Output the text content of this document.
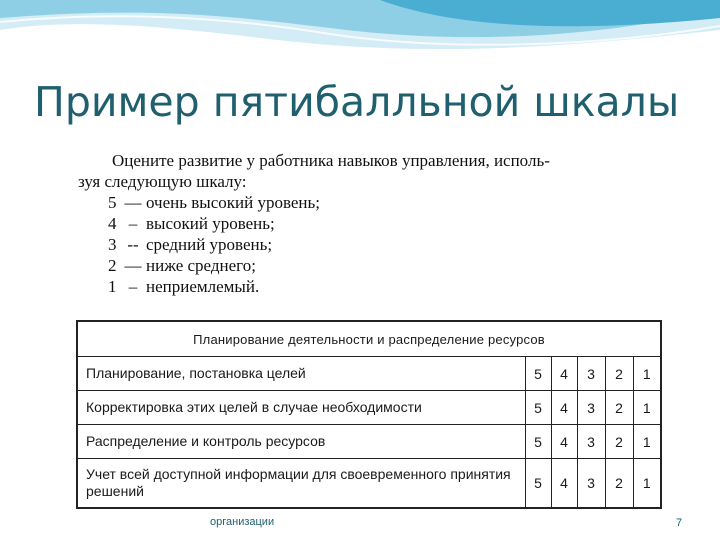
Пример пятибалльной шкалы
Оцените развитие у работника навыков управления, исполь-
зуя следующую шкалу:
5 — очень высокий уровень;
4 – высокий уровень;
3 -- средний уровень;
2 — ниже среднего;
1 – неприемлемый.
Планирование деятельности и распределение ресурсов					
Планирование, постановка целей	5	4	3	2	1
Корректировка этих целей в случае необходимости	5	4	3	2	1
Распределение и контроль ресурсов	5	4	3	2	1
Учет всей доступной информации для своевременного принятия решений	5	4	3	2	1
организации	7
